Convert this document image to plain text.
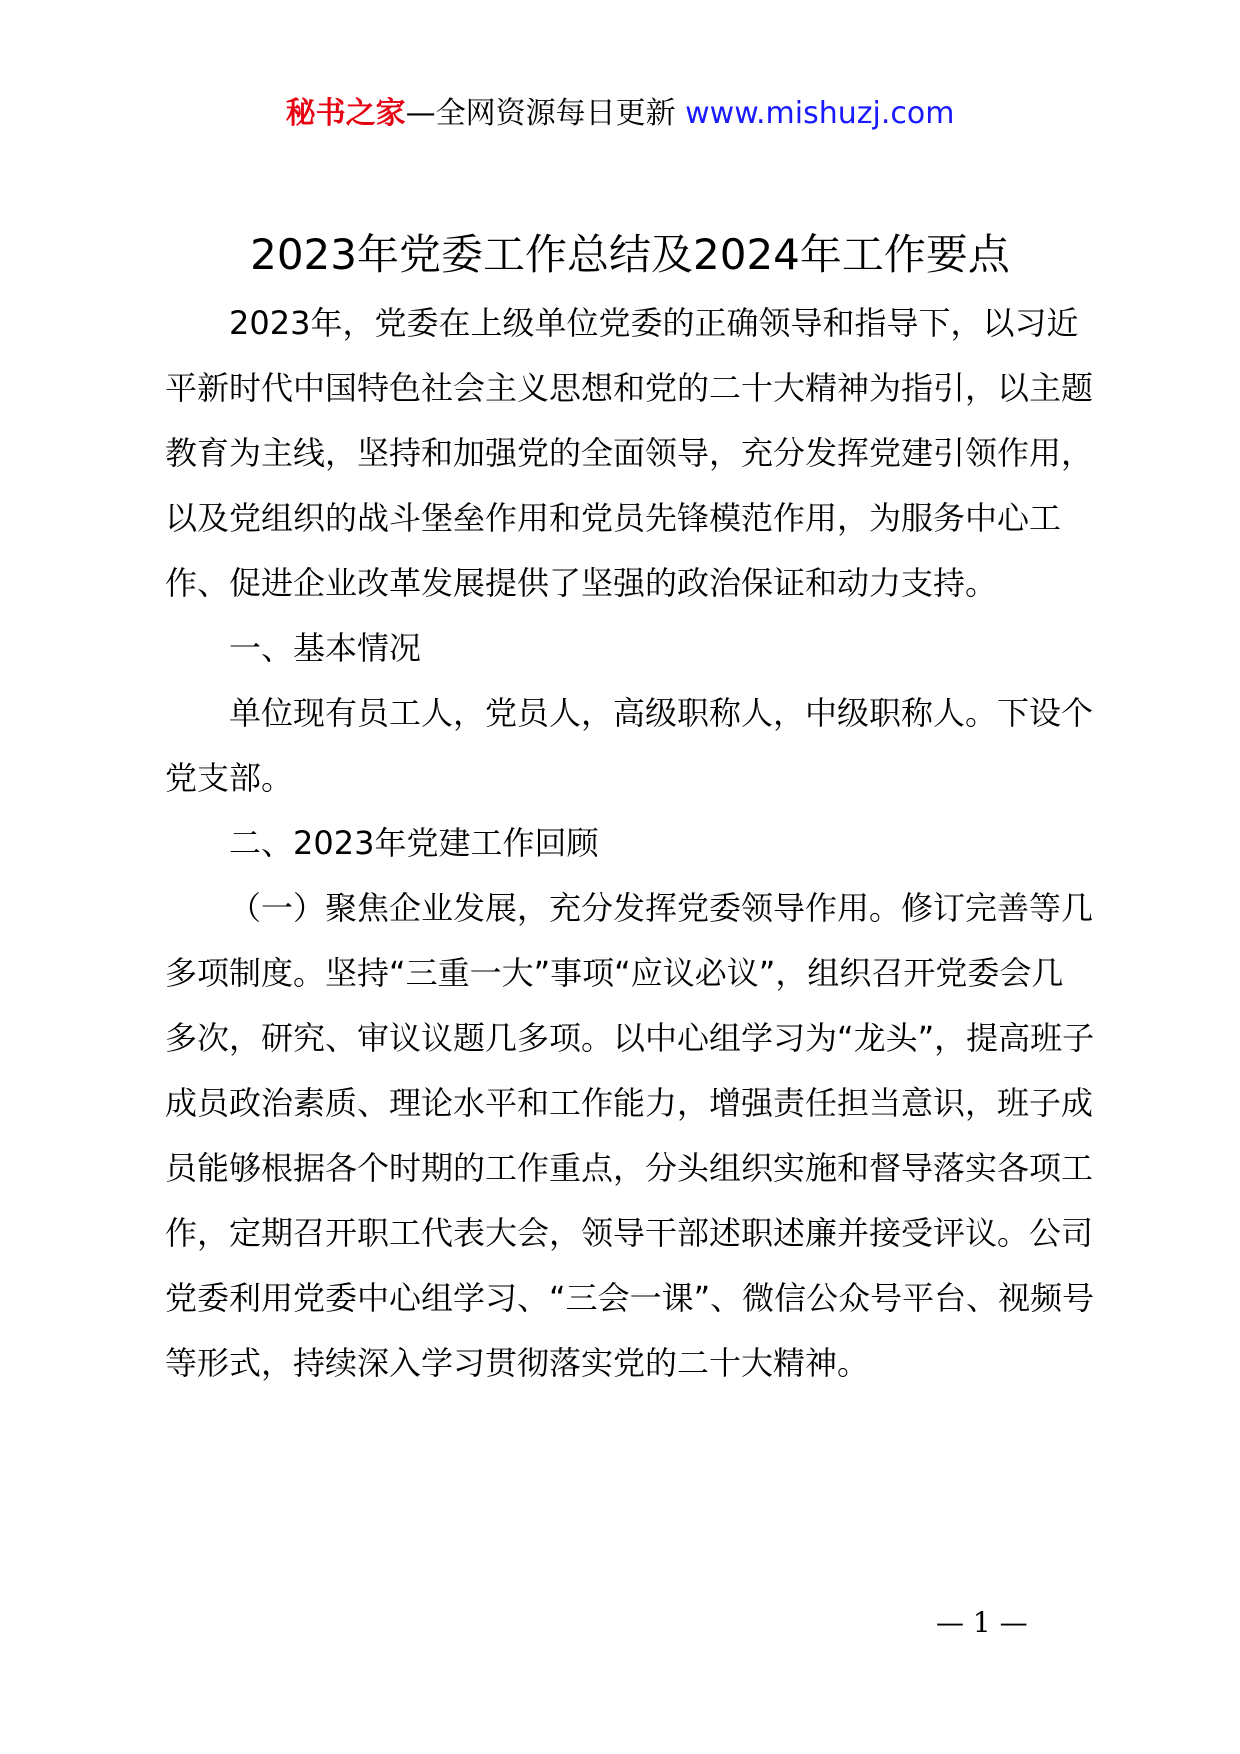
秘书之家—全网资源每日更新 www.mishuzj.com
2023年党委工作总结及2024年工作要点

2023年，党委在上级单位党委的正确领导和指导下，以习近平新时代中国特色社会主义思想和党的二十大精神为指引，以主题教育为主线，坚持和加强党的全面领导，充分发挥党建引领作用，以及党组织的战斗堡垒作用和党员先锋模范作用，为服务中心工作、促进企业改革发展提供了坚强的政治保证和动力支持。

一、基本情况

单位现有员工人，党员人，高级职称人，中级职称人。下设个党支部。

二、2023年党建工作回顾

（一）聚焦企业发展，充分发挥党委领导作用。修订完善等几多项制度。坚持“三重一大”事项“应议必议”，组织召开党委会几多次，研究、审议议题几多项。以中心组学习为“龙头”，提高班子成员政治素质、理论水平和工作能力，增强责任担当意识，班子成员能够根据各个时期的工作重点，分头组织实施和督导落实各项工作，定期召开职工代表大会，领导干部述职述廉并接受评议。公司党委利用党委中心组学习、“三会一课”、微信公众号平台、视频号等形式，持续深入学习贯彻落实党的二十大精神。

— 1 —
